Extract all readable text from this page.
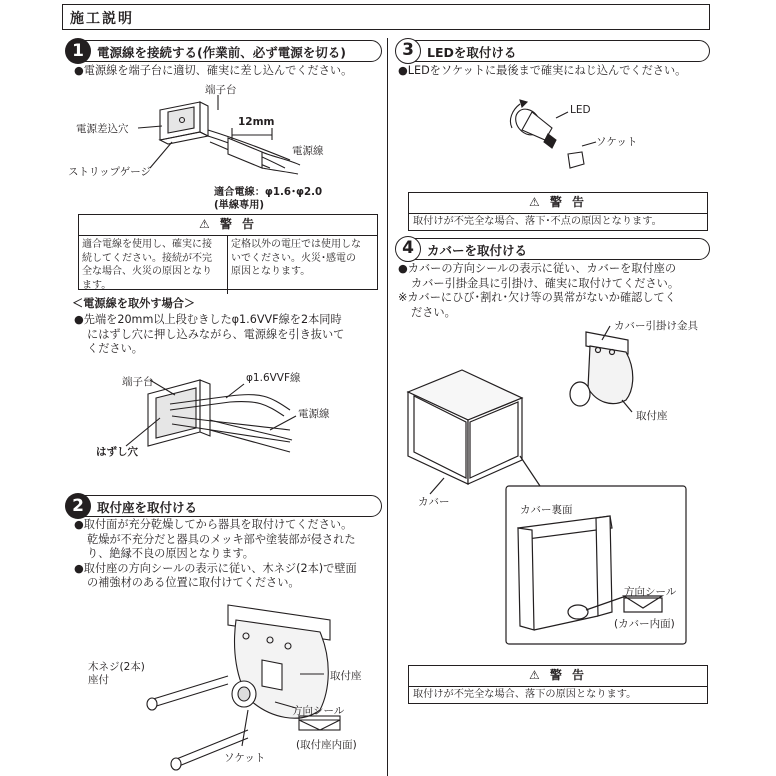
施工説明
1	電源線を接続する(作業前、必ず電源を切る)
●電源線を端子台に適切、確実に差し込んでください。
端子台
電源差込穴
12mm
電源線
ストリップゲージ
適合電線：φ1.6･φ2.0
(単線専用)
⚠ 警 告
適合電線を使用し、確実に接
続してください。接続が不完
全な場合、火災の原因となり
ます。
定格以外の電圧では使用しな
いでください。火災･感電の
原因となります。
＜電源線を取外す場合＞
●先端を20mm以上段むきしたφ1.6VVF線を2本同時
にはずし穴に押し込みながら、電源線を引き抜いて
ください。
端子台	φ1.6VVF線
電源線
はずし穴
2	取付座を取付ける
●取付面が充分乾燥してから器具を取付けてください。
乾燥が不充分だと器具のメッキ部や塗装部が侵された
り、絶縁不良の原因となります。
●取付座の方向シールの表示に従い、木ネジ(2本)で壁面
の補強材のある位置に取付けてください。
木ネジ(2本)
座付	取付座
方向シール
(取付座内面)
ソケット
3	LEDを取付ける
●LEDをソケットに最後まで確実にねじ込んでください。
LED
ソケット
⚠ 警 告
取付けが不完全な場合、落下･不点の原因となります。
4	カバーを取付ける
●カバーの方向シールの表示に従い、カバーを取付座の
カバー引掛金具に引掛け、確実に取付けてください。
※カバーにひび･割れ･欠け等の異常がないか確認してく
ださい。
カバー引掛け金具
取付座
カバー
カバー裏面
方向シール
(カバー内面)
⚠ 警 告
取付けが不完全な場合、落下の原因となります。
